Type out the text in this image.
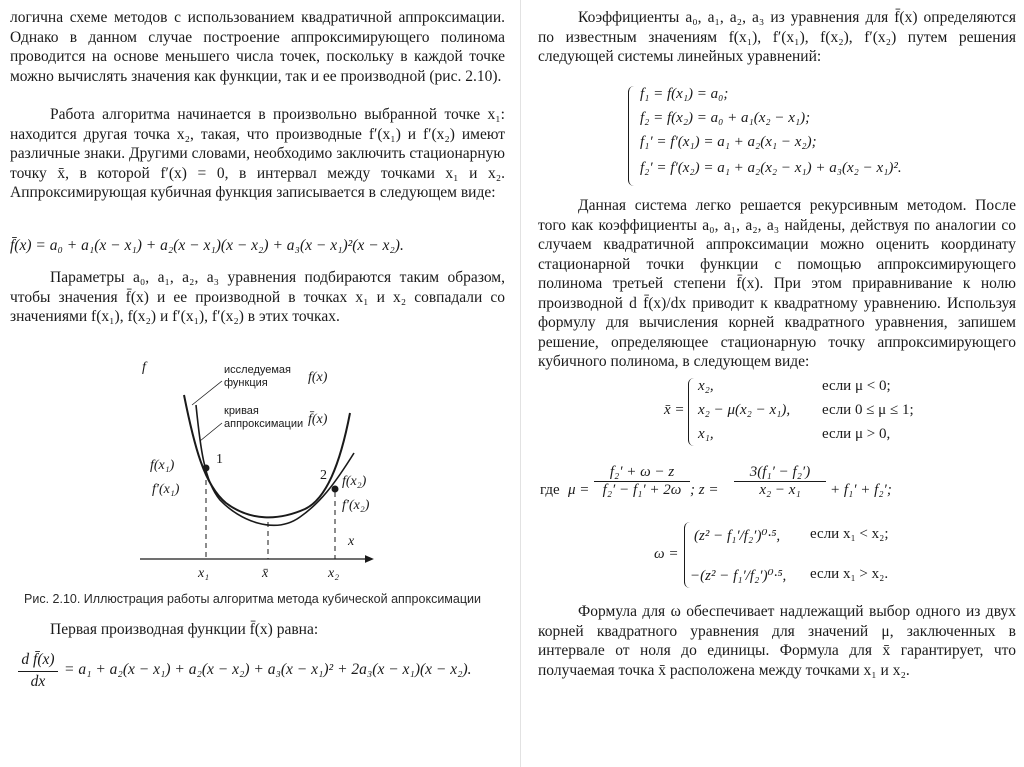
логична схеме методов с использованием квадратичной аппроксимации. Однако в данном случае построение аппроксимирующего полинома проводится на основе меньшего числа точек, поскольку в каждой точке можно вычислять значения как функции, так и ее производной (рис. 2.10).

Работа алгоритма начинается в произвольно выбранной точке x₁: находится другая точка x₂, такая, что производные f′(x₁) и f′(x₂) имеют различные знаки. Другими словами, необходимо заключить стационарную точку x̄, в которой f′(x) = 0, в интервал между точками x₁ и x₂. Аппроксимирующая кубичная функция записывается в следующем виде:

f̄(x) = a₀ + a₁(x − x₁) + a₂(x − x₁)(x − x₂) + a₃(x − x₁)²(x − x₂).

Параметры a₀, a₁, a₂, a₃ уравнения подбираются таким образом, чтобы значения f̄(x) и ее производной в точках x₁ и x₂ совпадали со значениями f(x₁), f(x₂) и f′(x₁), f′(x₂) в этих точках.

f
x
1
2
исследуемая
функция	f(x)
кривая
аппроксимации f̄(x)
f(x₁)
f′(x₁)
f(x₂)
f′(x₂)
x₁	x̄	x₂
Рис. 2.10. Иллюстрация работы алгоритма метода кубической аппроксимации

Первая производная функции f̄(x) равна:

$\frac{\text{d f̄(x)}}{dx} = a_1 + a_2(x - x_1) + a_2(x - x_2) + a_3(x - x_1)^2 + 2a_3(x - x_1)(x - x_2)$.

Коэффициенты a₀, a₁, a₂, a₃ из уравнения для f̄(x) определяются по известным значениям f(x₁), f′(x₁), f(x₂), f′(x₂) путем решения следующей системы линейных уравнений:

f₁ = f(x₁) = a₀;
f₂ = f(x₂) = a₀ + a₁(x₂ − x₁);
f₁′ = f′(x₁) = a₁ + a₂(x₁ − x₂);
f₂′ = f′(x₂) = a₁ + a₂(x₂ − x₁) + a₃(x₂ − x₁)².

Данная система легко решается рекурсивным методом. После того как коэффициенты a₀, a₁, a₂, a₃ найдены, действуя по аналогии со случаем квадратичной аппроксимации можно оценить координату стационарной точки функции с помощью аппроксимирующего полинома третьей степени f̄(x). При этом приравнивание к нолю производной d f̄(x)/dx приводит к квадратному уравнению. Используя формулу для вычисления корней квадратного уравнения, запишем решение, определяющее стационарную точку аппроксимирующего кубичного полинома, в следующем виде:

x̄ =
x₂,	если μ < 0;
x₂ − μ(x₂ − x₁), если 0 ≤ μ ≤ 1;
x₁,	если μ > 0,
где $\mu = \frac{\text{f₂′ + ω − z}}{\text{f₂′ − f₁′ + 2ω}}$ ; $z = \frac{\text{3(f₁′ − f₂′)}}{\text{x₂ − x₁}} + f_1' + f_2'$;
ω =
(z² − f₁′/f₂′)⁰·⁵, если x₁ < x₂;
−(z² − f₁′/f₂′)⁰·⁵, если x₁ > x₂.

Формула для ω обеспечивает надлежащий выбор одного из двух корней квадратного уравнения для значений μ, заключенных в интервале от ноля до единицы. Формула для x̄ гарантирует, что получаемая точка x̄ расположена между точками x₁ и x₂.
